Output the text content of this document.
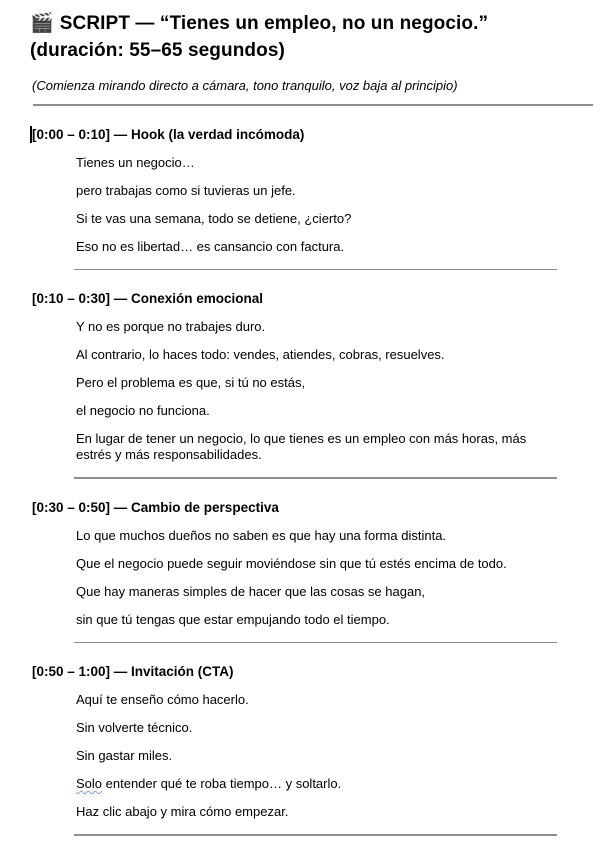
🎬 SCRIPT — “Tienes un empleo, no un negocio.”
(duración: 55–65 segundos)

(Comienza mirando directo a cámara, tono tranquilo, voz baja al principio)

[0:00 – 0:10] — Hook (la verdad incómoda)

Tienes un negocio…

pero trabajas como si tuvieras un jefe.

Si te vas una semana, todo se detiene, ¿cierto?

Eso no es libertad… es cansancio con factura.

[0:10 – 0:30] — Conexión emocional

Y no es porque no trabajes duro.

Al contrario, lo haces todo: vendes, atiendes, cobras, resuelves.

Pero el problema es que, si tú no estás,

el negocio no funciona.

En lugar de tener un negocio, lo que tienes es un empleo con más horas, más estrés y más responsabilidades.

[0:30 – 0:50] — Cambio de perspectiva

Lo que muchos dueños no saben es que hay una forma distinta.

Que el negocio puede seguir moviéndose sin que tú estés encima de todo.

Que hay maneras simples de hacer que las cosas se hagan,

sin que tú tengas que estar empujando todo el tiempo.

[0:50 – 1:00] — Invitación (CTA)

Aquí te enseño cómo hacerlo.

Sin volverte técnico.

Sin gastar miles.

Solo entender qué te roba tiempo… y soltarlo.

Haz clic abajo y mira cómo empezar.
